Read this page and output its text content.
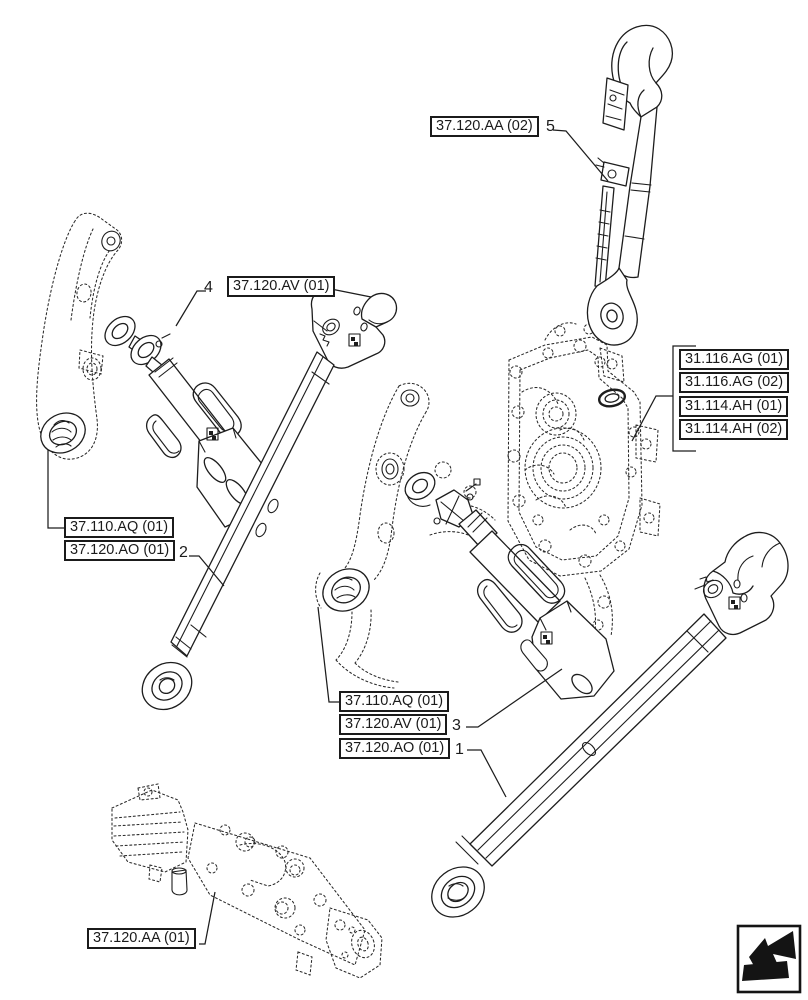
37.120.AA (02) 5
4	37.120.AV (01)
31.116.AG (01)
31.116.AG (02)
31.114.AH (01)
31.114.AH (02)
37.110.AQ (01)
37.120.AO (01) 2
37.110.AQ (01)
37.120.AV (01)
37.120.AO (01)
3
1
37.120.AA (01)
